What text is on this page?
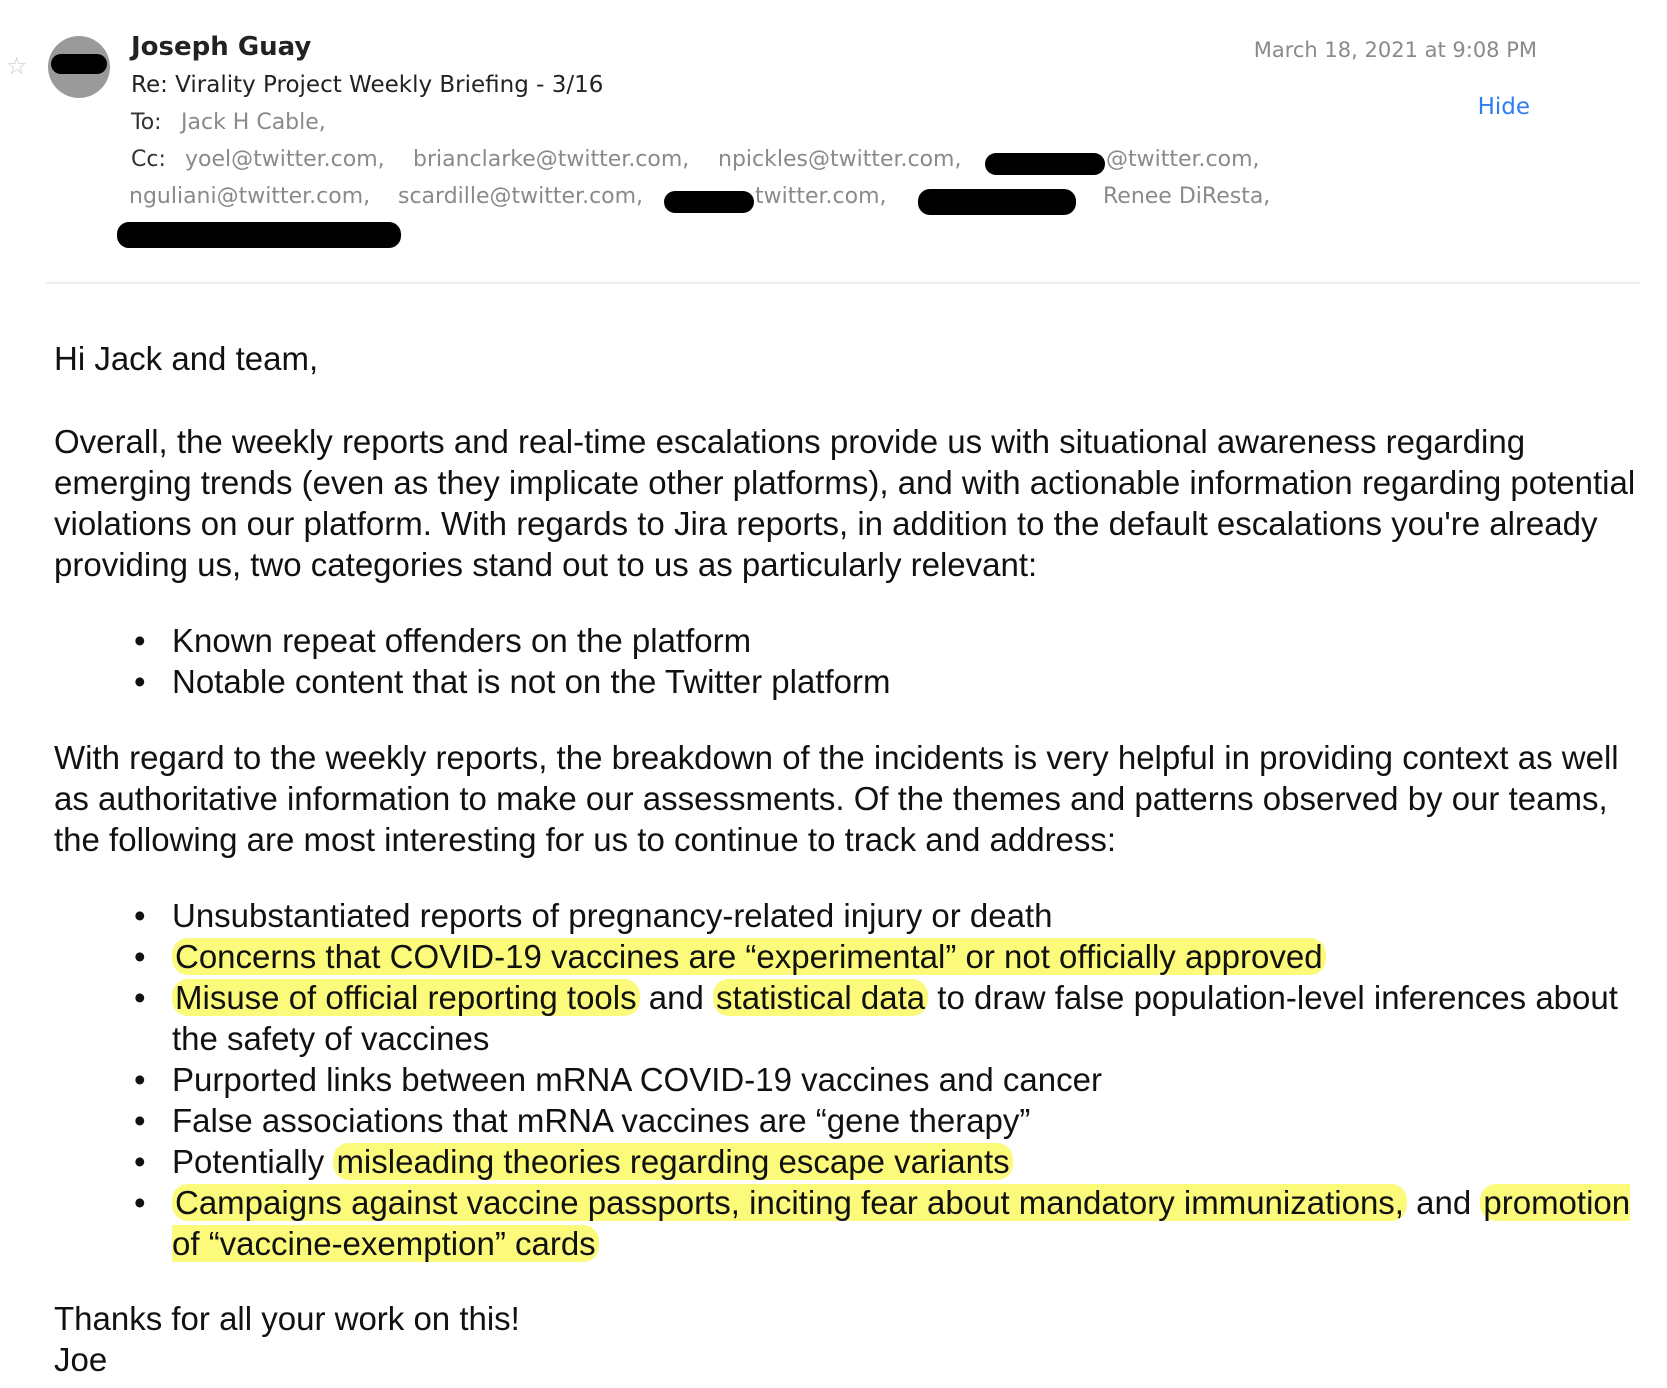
☆
Joseph Guay
Re: Virality Project Weekly Briefing - 3/16
March 18, 2021 at 9:08 PM
Hide
To: Jack H Cable,
Cc: yoel@twitter.com, brianclarke@twitter.com, npickles@twitter.com,	@twitter.com,
nguliani@twitter.com, scardille@twitter.com,	twitter.com,	Renee DiResta,
Hi Jack and team,
Overall, the weekly reports and real-time escalations provide us with situational awareness regarding emerging trends (even as they implicate other platforms), and with actionable information regarding potential violations on our platform. With regards to Jira reports, in addition to the default escalations you're already providing us, two categories stand out to us as particularly relevant:
• Known repeat offenders on the platform
• Notable content that is not on the Twitter platform
With regard to the weekly reports, the breakdown of the incidents is very helpful in providing context as well as authoritative information to make our assessments. Of the themes and patterns observed by our teams, the following are most interesting for us to continue to track and address:
• Unsubstantiated reports of pregnancy-related injury or death
• Concerns that COVID-19 vaccines are “experimental” or not officially approved
• Misuse of official reporting tools and statistical data to draw false population-level inferences about the safety of vaccines
• Purported links between mRNA COVID-19 vaccines and cancer
• False associations that mRNA vaccines are “gene therapy”
• Potentially misleading theories regarding escape variants
• Campaigns against vaccine passports, inciting fear about mandatory immunizations, and promotion of “vaccine-exemption” cards
Thanks for all your work on this!
Joe
